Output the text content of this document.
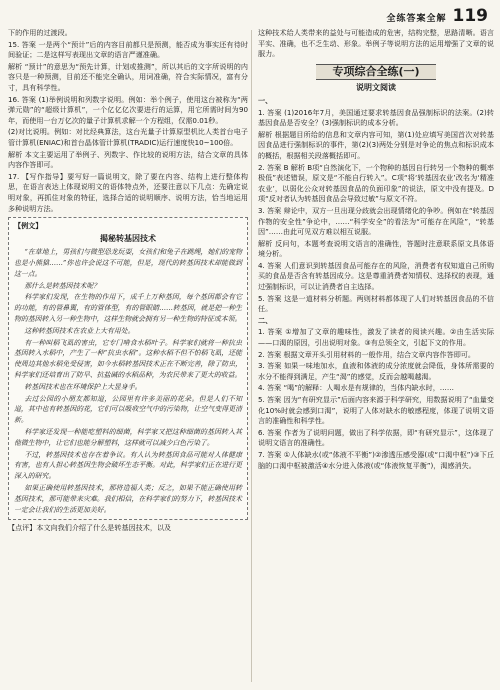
全练答案全解 119

下的作用的过渡段。

15. 答案 一是两个“预计”后的内容目前都只是预测，能否成为事实还有待时间验证；二是这样写表现出文章的语言严谨准确。

解析 “预计”的意思为“预先计算，计划或推测”，所以其后的文字所说明的内容只是一种预测，目前还不能完全确认，用词准确，符合实际情况，富有分寸，具有科学性。

16. 答案 (1)举例说明和列数字说明。例如：举个例子，使用这台被称为“两弹元勋”的“超级计算机”，一个亿亿亿次要进行的运算，用它所需时间为90年，而使用一台万亿次的量子计算机求解一个方程组，仅需0.01秒。

(2)对比说明。例如：对比经典算法，这台光量子计算原型机比人类首台电子管计算机(ENIAC)和首台晶体管计算机(TRADIC)运行速度快10~100倍。

解析 本文主要运用了举例子、列数字、作比较的说明方法，结合文章的具体内容作答即可。

17. 【写作指导】要写好一篇说明文，除了要在内容、结构上进行整体构思，在语言表达上体现说明文的语体特点外，还要注意以下几点：先确定说明对象，再抓住对象的特征，选择合适的说明顺序、说明方法，恰当地运用多种说明方法。

【例文】
揭秘转基因技术

“在草地上，男孩们与微型恐龙玩耍，女孩们和兔子在跳绳，她们的宠物也是小熊猫……”你也许会说这不可能，但是，现代的转基因技术却能做到这一点。

那什么是转基因技术呢？

科学家们发现，在生物的作用下，成千上万种基因，每个基因都会有它的功能，有的管鼻翼，有的管体型，有的管眼睛……转基因，就是把一种生物的基因转入另一种生物中，这样生物就会拥有另一种生物的特征或本领。

这种转基因技术在农业上大有用处。

有一种叫稻飞虱的害虫，它专门啃食水稻叶子。科学家们就将一种抗虫基因转入水稻中，产生了一种“抗虫水稻”。这种水稻不但不怕稻飞虱，还能使周边其他水稻免受侵害，如今水稻转基因技术正在不断完善，除了防虫，科学家们还培育出了防旱、抗盐碱的水稻品种，为农民带来了更大的收益。

转基因技术也在环境保护上大显身手。

去过公园的小朋友都知道，公园里有许多美丽的花朵。但是人们不知道，其中也有转基因的花，它们可以吸收空气中的污染物，让空气变得更清新。

科学家还发现一种能吃塑料的细菌，科学家又把这种细菌的基因转入其他微生物中，让它们也能分解塑料，这样就可以减少白色污染了。

不过，转基因技术也存在着争议。有人认为转基因食品可能对人体健康有害，也有人担心转基因生物会破坏生态平衡。对此，科学家们正在进行更深入的研究。

如果正确使用转基因技术，那将造福人类；反之，如果不能正确使用转基因技术，那可能带来灾难。我们相信，在科学家们的努力下，转基因技术一定会让我们的生活更加美好。

【点评】本文向我们介绍了什么是转基因技术，以及

这种技术给人类带来的益处与可能造成的危害，结构完整，思路清晰。语言平实、准确，也不乏生动、形象。举例子等说明方法的运用增强了文章的说服力。

专项综合全练(一)
说明文阅读
一、

1. 答案 (1)2016年7月，美国通过要求转基因食品强制标识的法案。(2)转基因食品是否安全？(3)强制标识的成本分析。

解析 根据题目所给的信息和文章内容可知，第(1)处应填写美国首次对转基因食品进行强制标识的事件，第(2)(3)两处分别是对争论的焦点和标识成本的概括，根据相关段落概括即可。

2. 答案 B 解析 B项“自然演化下，一个物种的基因自行转另一个物种的概率极低”表述错误，原文是“不能自行转入”。C项“将‘转基因农业’改名为‘精准农业’，以弱化公众对转基因食品的负面印象”的说法，原文中没有提及。D项“反对者认为转基因食品会导致过敏”与原文不符。

3. 答案 辩论中，双方一旦出现分歧就会出现情绪化的争吵。例如在“转基因作物的安全性”争论中，……“科学安全”的看法为“可能存在风险”，“转基因”……由此可见双方难以相互说服。

解析 反问句，本题考查说明文语言的准确性，答题时注意联系原文具体语境分析。

4. 答案 人们意识到转基因食品可能存在的风险，消费者有权知道自己所购买的食品是否含有转基因成分。这是尊重消费者知情权、选择权的表现，通过强制标识，可以让消费者自主选择。

5. 答案 这是一道材料分析题。两则材料都体现了人们对转基因食品的不信任。

二、

1. 答案 ①增加了文章的趣味性，激发了读者的阅读兴趣。②由生活实际——口渴的原因，引出说明对象。③有总领全文，引起下文的作用。

2. 答案 根据文章开头引用材料的一般作用，结合文章内容作答即可。

3. 答案 如果一味地加水，血液和体液的成分浓度就会降低，身体所需要的水分不能得到满足，产生“渴”的感觉，反而会越喝越渴。

4. 答案 “喝”的解释：人喝水是有规律的，当体内缺水时，……

5. 答案 因为“有研究显示”后面内容来源于科学研究，用数据说明了“血量变化10%时就会感到口渴”，说明了人体对缺水的敏感程度，体现了说明文语言的准确性和科学性。

6. 答案 作者为了说明问题，做出了科学依据，即“有研究显示”，这体现了说明文语言的准确性。

7. 答案 ①人体缺水(或“体液不平衡”)②渗透压感受器(或“口渴中枢”)③下丘脑的口渴中枢被激活④水分进入体液(或“体液恢复平衡”)，渴感消失。
